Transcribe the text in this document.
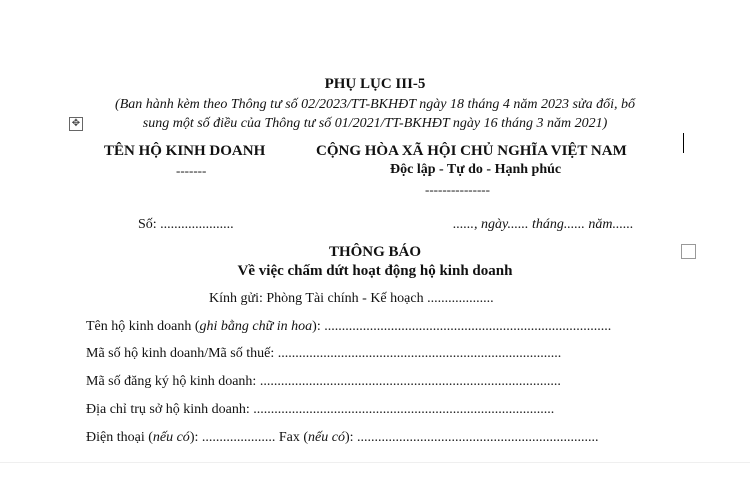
PHỤ LỤC III-5
(Ban hành kèm theo Thông tư số 02/2023/TT-BKHĐT ngày 18 tháng 4 năm 2023 sửa đổi, bổ
sung một số điều của Thông tư số 01/2021/TT-BKHĐT ngày 16 tháng 3 năm 2021)
✥
TÊN HỘ KINH DOANH
-------
CỘNG HÒA XÃ HỘI CHỦ NGHĨA VIỆT NAM
Độc lập - Tự do - Hạnh phúc
---------------
Số: .....................	......, ngày...... tháng...... năm......
THÔNG BÁO
Về việc chấm dứt hoạt động hộ kinh doanh
Kính gửi: Phòng Tài chính - Kế hoạch ...................
Tên hộ kinh doanh (ghi bằng chữ in hoa): ..................................................................................
Mã số hộ kinh doanh/Mã số thuế: .................................................................................
Mã số đăng ký hộ kinh doanh: ......................................................................................
Địa chỉ trụ sở hộ kinh doanh: ......................................................................................
Điện thoại (nếu có): ..................... Fax (nếu có): .....................................................................
